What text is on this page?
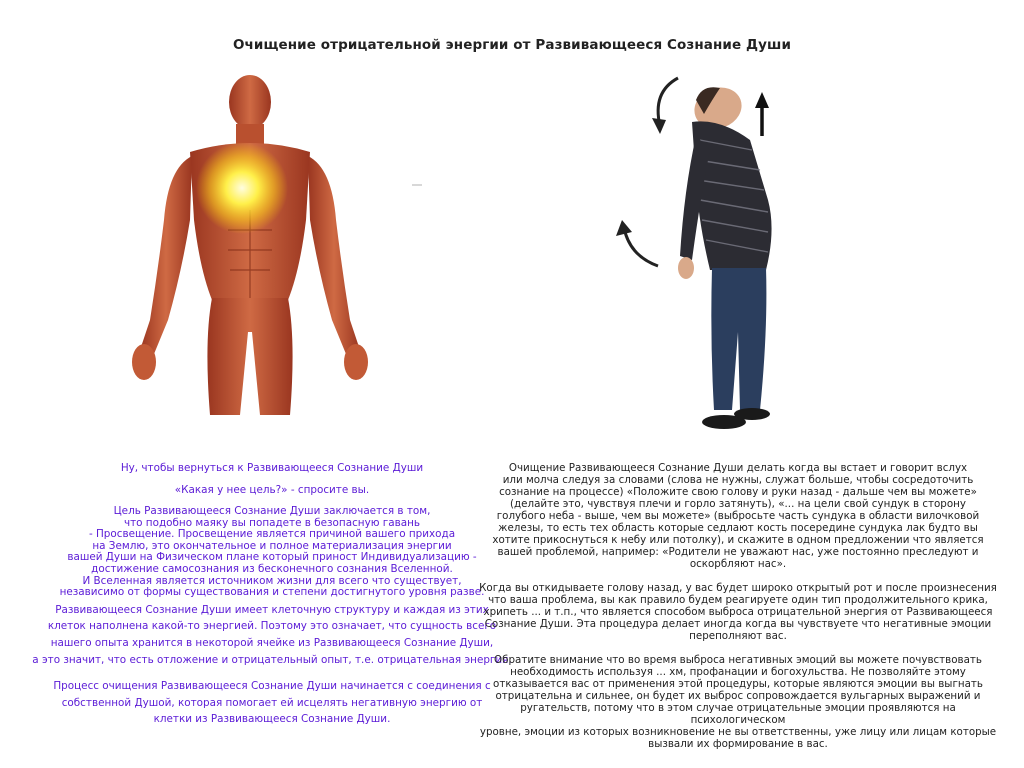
Очищение отрицательной энергии от Развивающееся Сознание Души

Ну, чтобы вернуться к Развивающееся Сознание Души

«Какая у нее цель?» - спросите вы.

Цель Развивающееся Сознание Души заключается в том,
что подобно маяку вы попадете в безопасную гавань
- Просвещение. Просвещение является причиной вашего прихода
на Землю, это окончательное и полное материализация энергии
вашей Души на Физическом плане который приност Индивидуализацию -
достижение самосознания из бесконечного сознания Вселенной.
И Вселенная является источником жизни для всего что существует,
независимо от формы существования и степени достигнутого уровня разве.

Развивающееся Сознание Души имеет клеточную структуру и каждая из этих
клеток наполнена какой-то энергией. Поэтому это означает, что сущность всего
нашего опыта хранится в некоторой ячейке из Развивающееся Сознание Души,
а это значит, что есть отложение и отрицательный опыт, т.е. отрицательная энергия.

Процесс очищения Развивающееся Сознание Души начинается с соединения с
собственной Душой, которая помогает ей исцелять негативную энергию от
клетки из Развивающееся Сознание Души.

Очищение Развивающееся Сознание Души делать когда вы встает и говорит вслух
или молча следуя за словами (слова не нужны, служат больше, чтобы сосредоточить
сознание на процессе) «Положите свою голову и руки назад - дальше чем вы можете»
(делайте это, чувствуя плечи и горло затянуть), «... на цели свой сундук в сторону
голубого неба - выше, чем вы можете» (выбросьте часть сундука в области вилочковой
железы, то есть тех область которые седлают кость посередине сундука лак будто вы
хотите прикоснуться к небу или потолку), и скажите в одном предложении что является
вашей проблемой, например: «Родители не уважают нас, уже постоянно преследуют и
оскорбляют нас».

Когда вы откидываете голову назад, у вас будет широко открытый рот и после произнесения
что ваша проблема, вы как правило будем реагируете один тип продолжительного крика,
хрипеть ... и т.п., что является способом выброса отрицательной энергия от Развивающееся
Сознание Души. Эта процедура делает иногда когда вы чувствуете что негативные эмоции
переполняют вас.

Обратите внимание что во время выброса негативных эмоций вы можете почувствовать
необходимость используя ... хм, профанации и богохульства. Не позволяйте этому
отказывается вас от применения этой процедуры, которые являются эмоции вы выгнать
отрицательна и сильнее, он будет их выброс сопровождается вульгарных выражений и
ругательств, потому что в этом случае отрицательные эмоции проявляются на психологическом
уровне, эмоции из которых возникновение не вы ответственны, уже лицу или лицам которые
вызвали их формирование в вас.
